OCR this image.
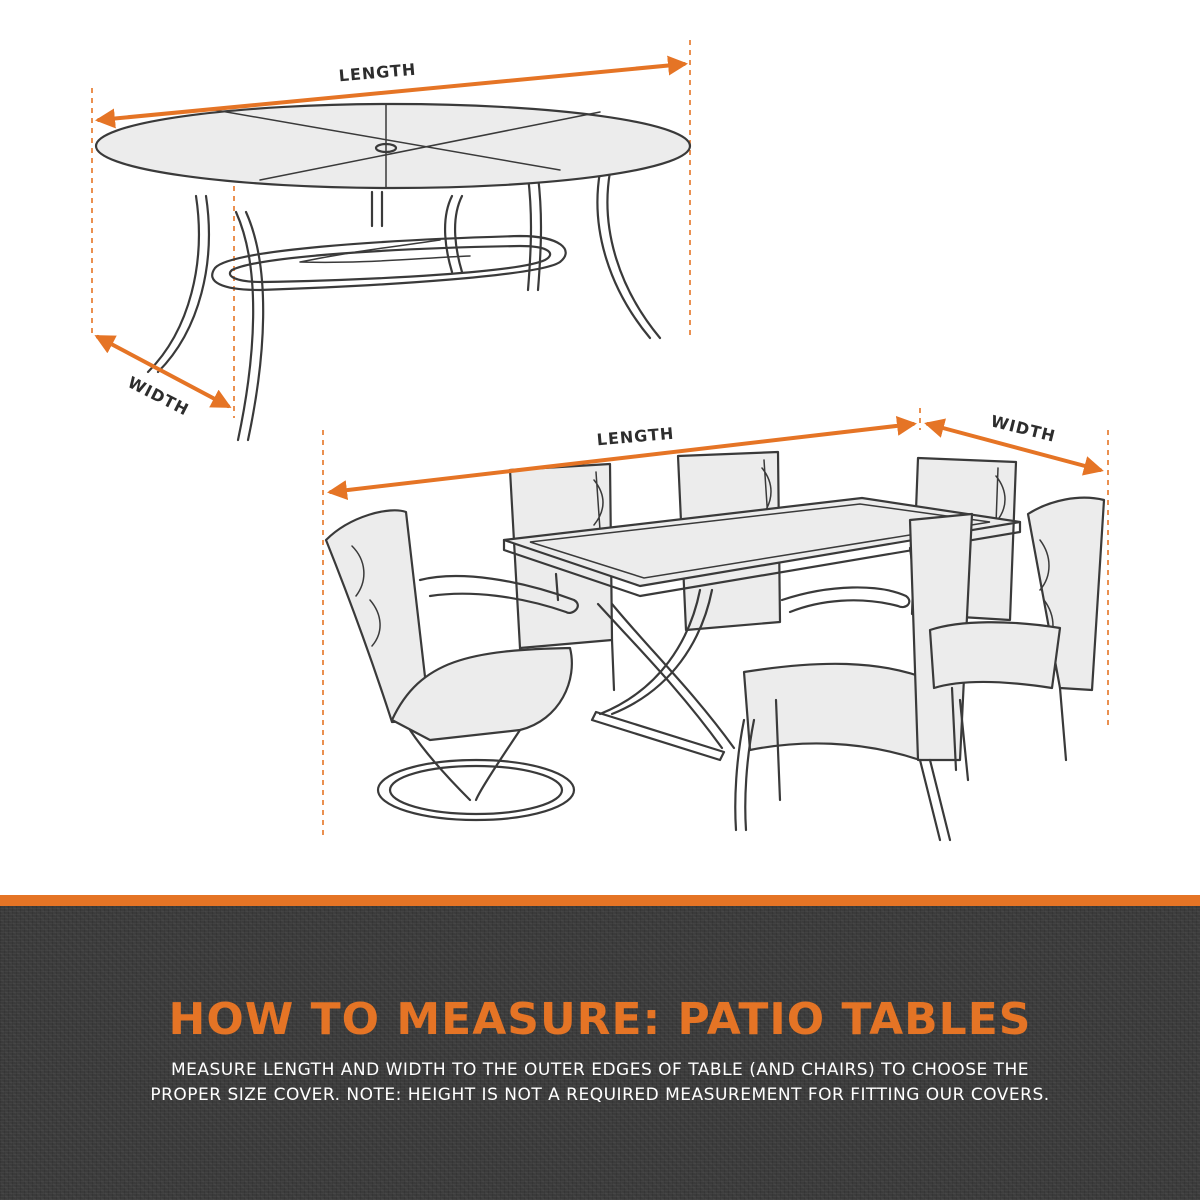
LENGTH
WIDTH
LENGTH	WIDTH
HOW TO MEASURE: PATIO TABLES
MEASURE LENGTH AND WIDTH TO THE OUTER EDGES OF TABLE (AND CHAIRS) TO CHOOSE THE
PROPER SIZE COVER. NOTE: HEIGHT IS NOT A REQUIRED MEASUREMENT FOR FITTING OUR COVERS.
